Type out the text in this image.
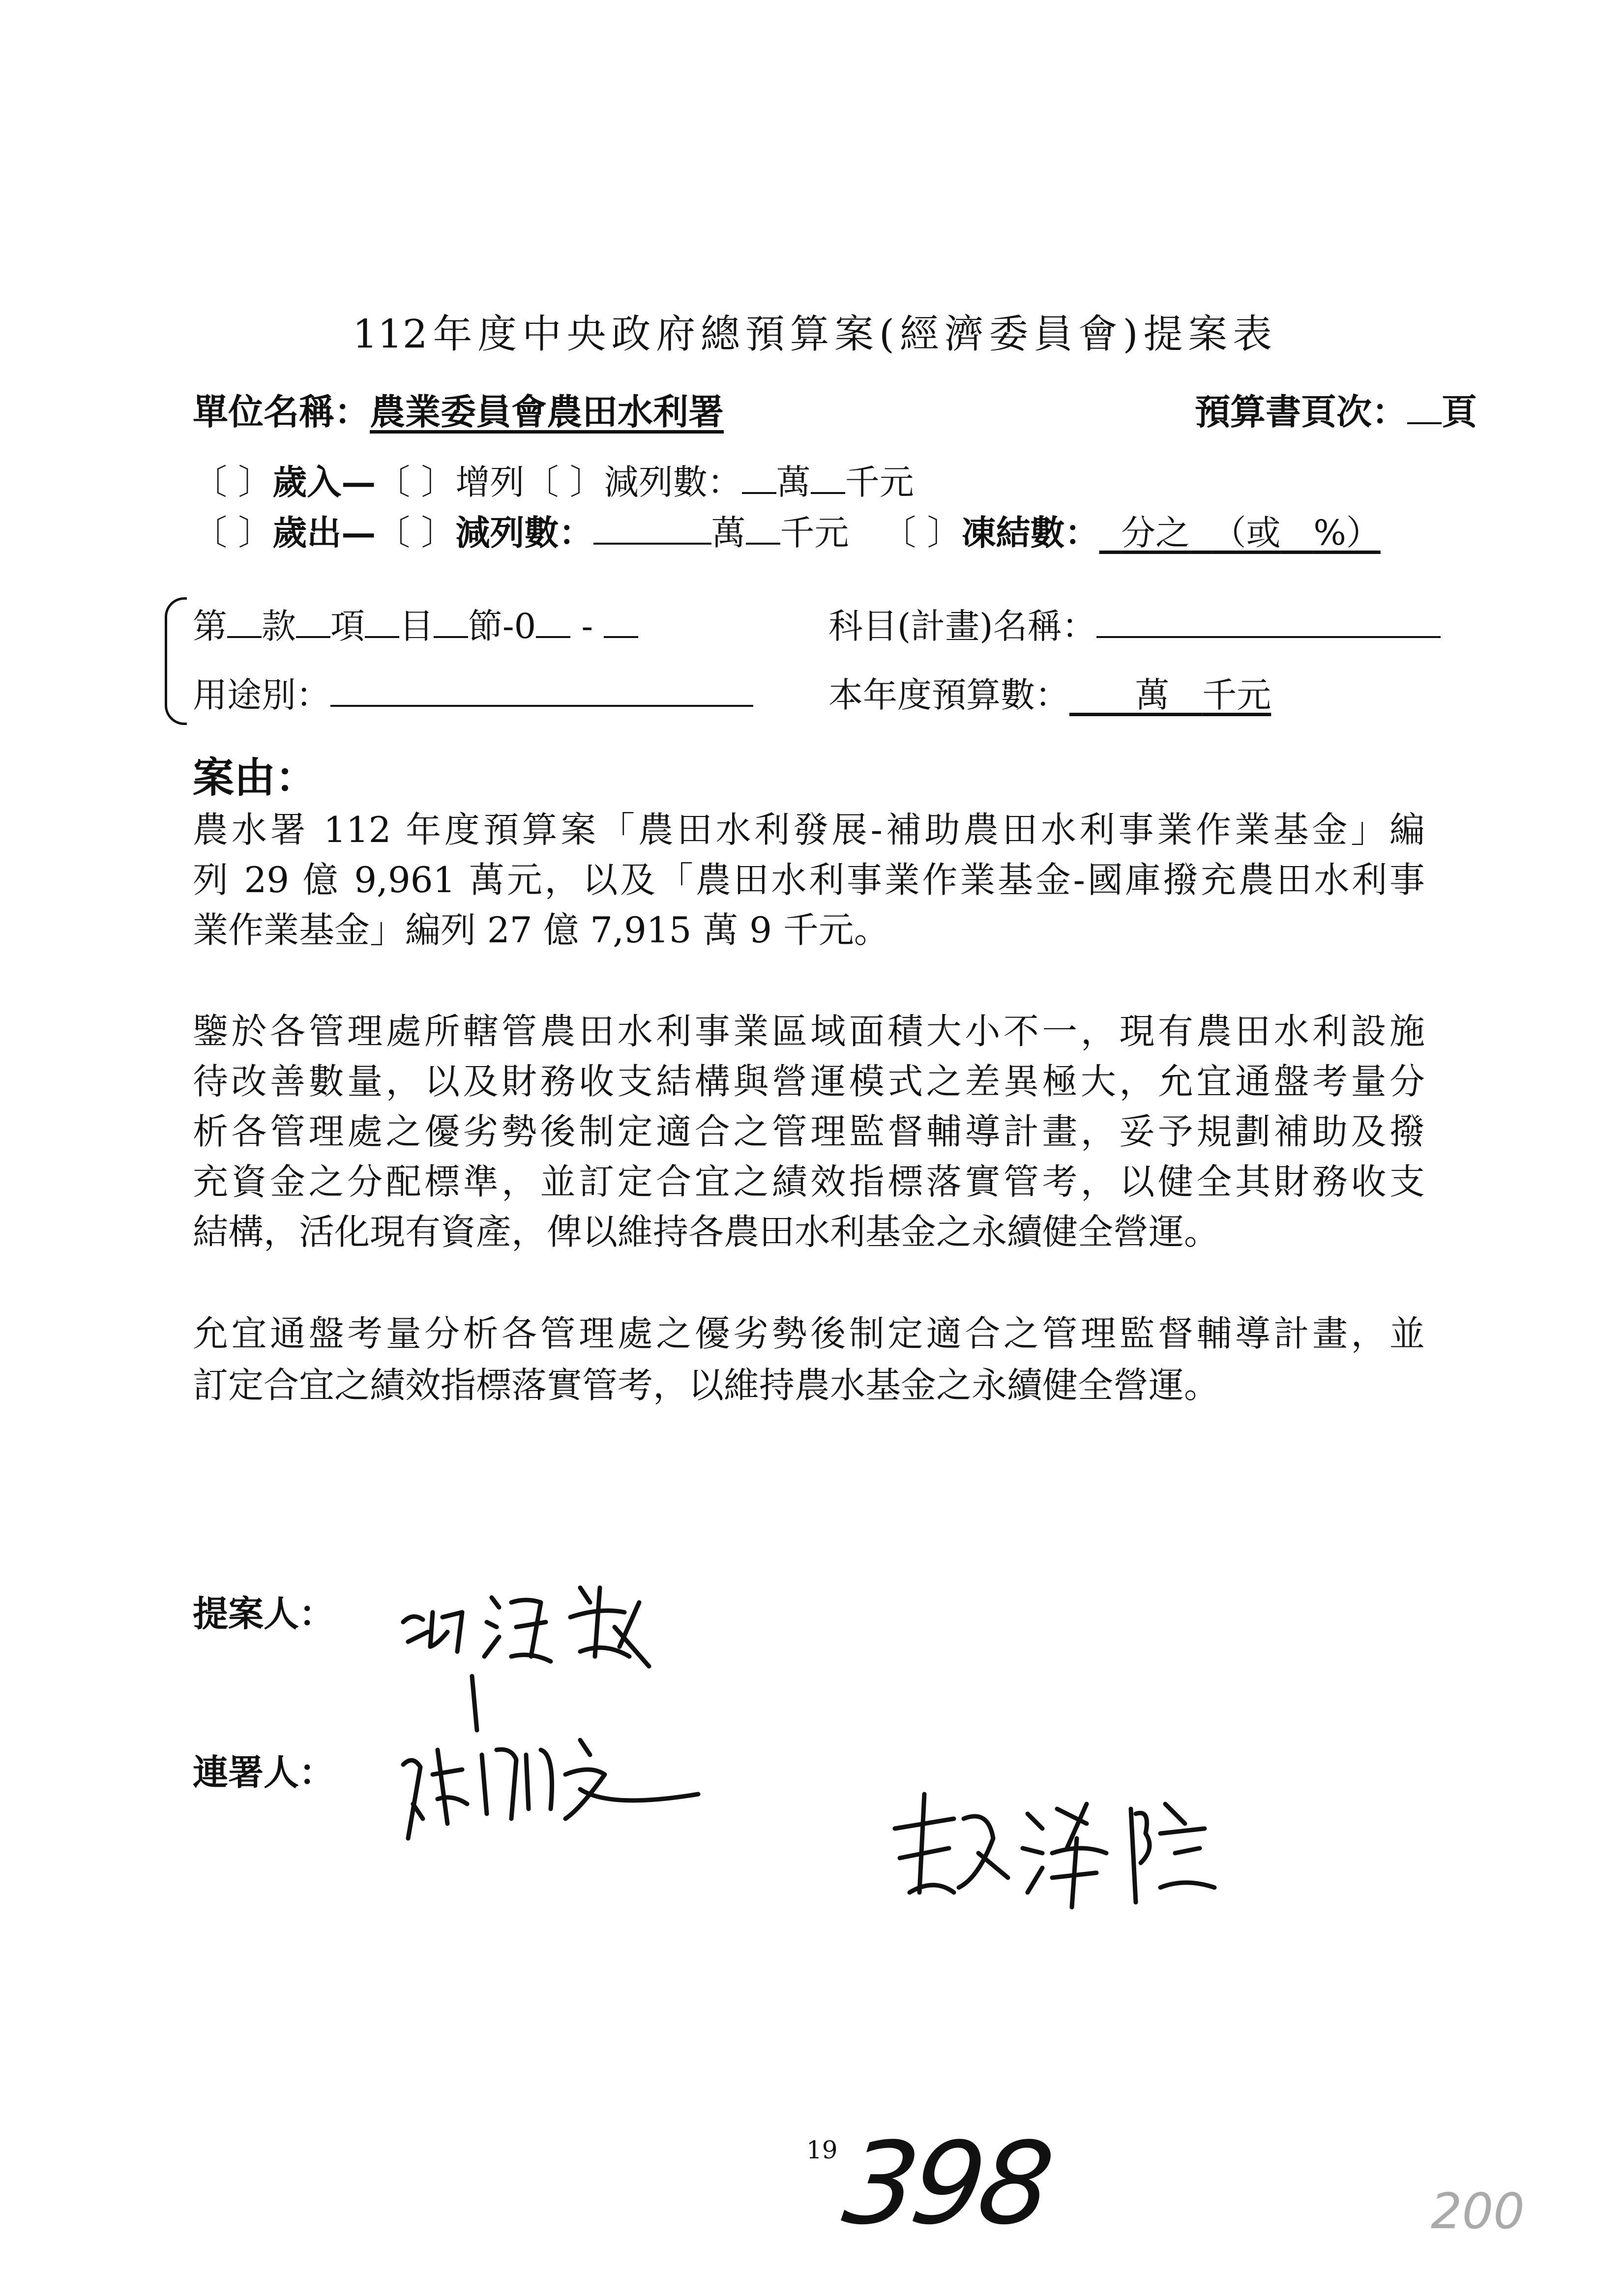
112年度中央政府總預算案(經濟委員會)提案表
單位名稱：農業委員會農田水利署	預算書頁次： 頁
〔 〕歲入—〔 〕增列〔 〕減列數： 萬 千元
〔 〕歲出—〔 〕減列數：	萬 千元 〔 〕凍結數： 分之 （或 %）
第 款 項 目 節-0 -	科目(計畫)名稱：
用途別：	本年度預算數： 萬 千元
案由：
農水署 112 年度預算案「農田水利發展-補助農田水利事業作業基金」編
列 29 億 9,961 萬元，以及「農田水利事業作業基金-國庫撥充農田水利事
業作業基金」編列 27 億 7,915 萬 9 千元。
鑒於各管理處所轄管農田水利事業區域面積大小不一，現有農田水利設施
待改善數量，以及財務收支結構與營運模式之差異極大，允宜通盤考量分
析各管理處之優劣勢後制定適合之管理監督輔導計畫，妥予規劃補助及撥
充資金之分配標準，並訂定合宜之績效指標落實管考，以健全其財務收支
結構，活化現有資產，俾以維持各農田水利基金之永續健全營運。
允宜通盤考量分析各管理處之優劣勢後制定適合之管理監督輔導計畫，並
訂定合宜之績效指標落實管考，以維持農水基金之永續健全營運。
提案人：
連署人：
19
398	200
